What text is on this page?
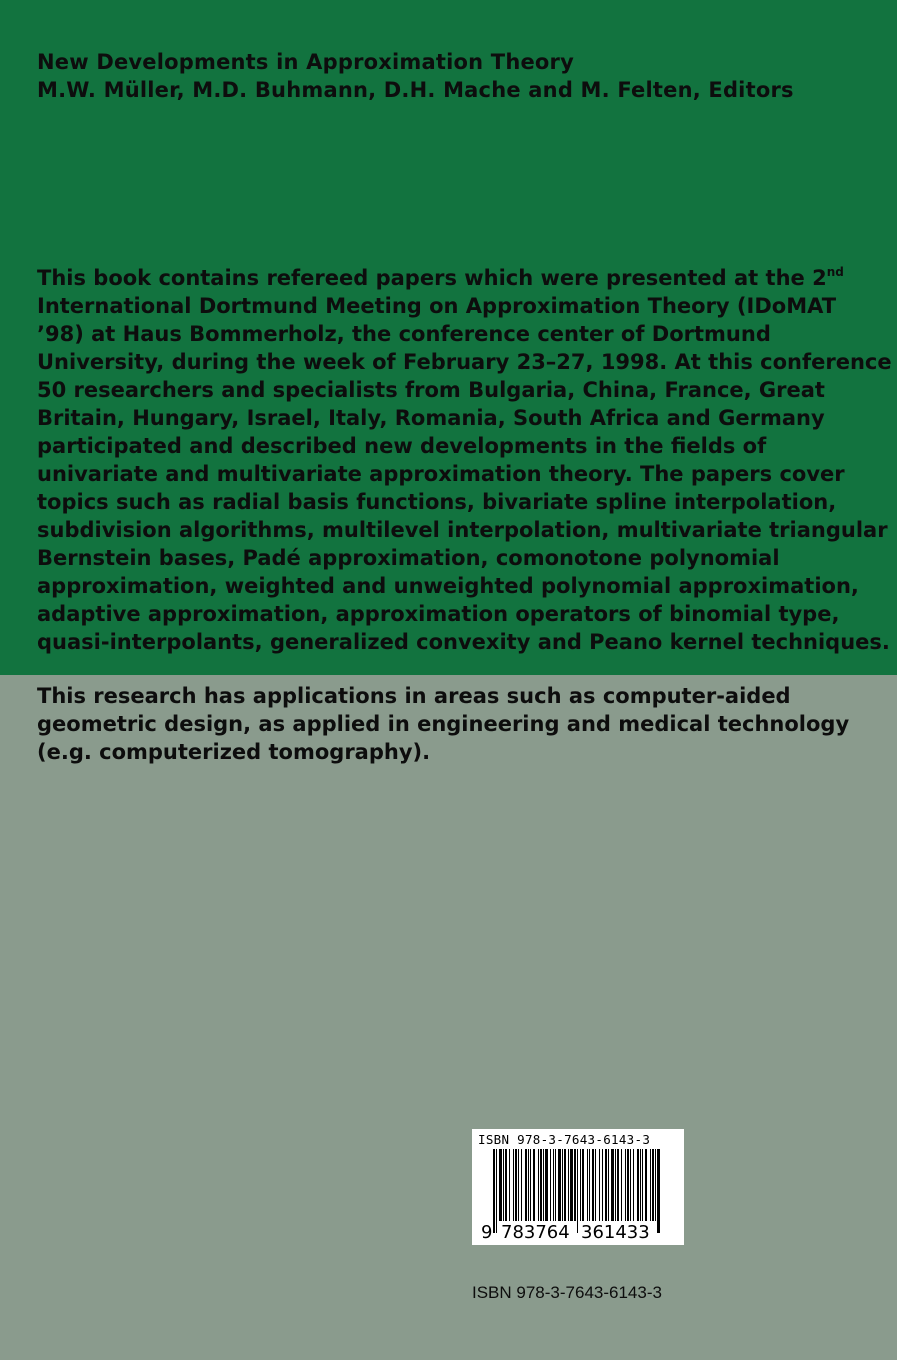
New Developments in Approximation Theory
M.W. Müller, M.D. Buhmann, D.H. Mache and M. Felten, Editors
This book contains refereed papers which were presented at the 2nd
International Dortmund Meeting on Approximation Theory (IDoMAT
’98) at Haus Bommerholz, the conference center of Dortmund
University, during the week of February 23–27, 1998. At this conference
50 researchers and specialists from Bulgaria, China, France, Great
Britain, Hungary, Israel, Italy, Romania, South Africa and Germany
participated and described new developments in the fields of
univariate and multivariate approximation theory. The papers cover
topics such as radial basis functions, bivariate spline interpolation,
subdivision algorithms, multilevel interpolation, multivariate triangular
Bernstein bases, Padé approximation, comonotone polynomial
approximation, weighted and unweighted polynomial approximation,
adaptive approximation, approximation operators of binomial type,
quasi-interpolants, generalized convexity and Peano kernel techniques.
This research has applications in areas such as computer-aided
geometric design, as applied in engineering and medical technology
(e.g. computerized tomography).
ISBN 978-3-7643-6143-3
9 783764 361433
ISBN 978-3-7643-6143-3
